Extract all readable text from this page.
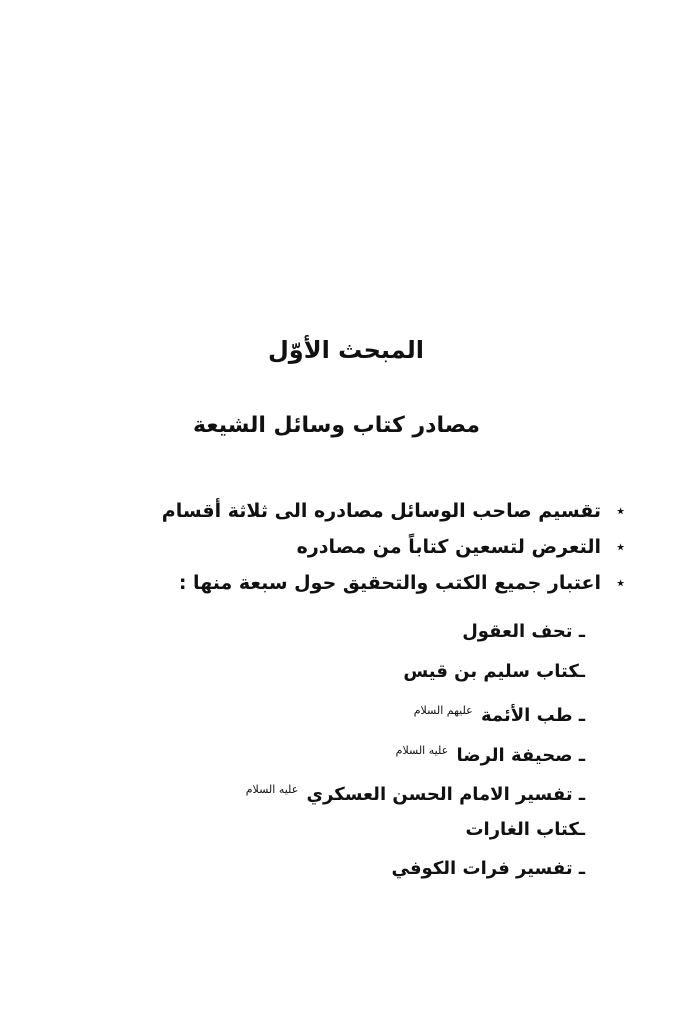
المبحث الأوّل
مصادر كتاب وسائل الشيعة
٭
تقسيم صاحب الوسائل مصادره الى ثلاثة أقسام
٭
التعرض لتسعين كتاباً من مصادره
٭
اعتبار جميع الكتب والتحقيق حول سبعة منها :
ـ تحف العقول
ـكتاب سليم بن قيس
ـ طب الأئمة $^{عليهم السلام}$
ـ صحيفة الرضا $^{عليه السلام}$
ـ تفسير الامام الحسن العسكري $^{عليه السلام}$
ـكتاب الغارات
ـ تفسير فرات الكوفي
